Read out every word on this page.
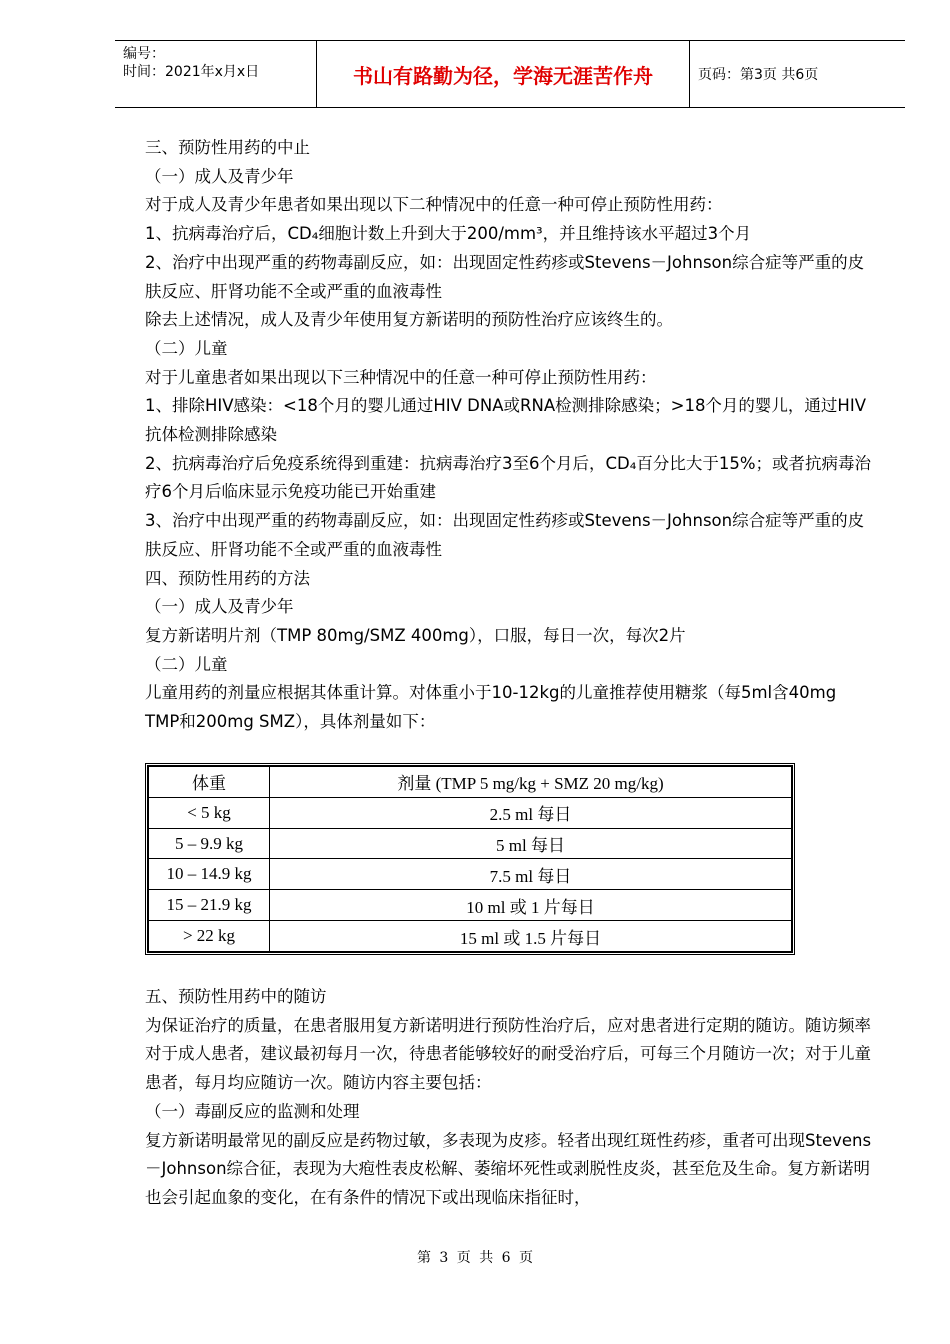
编号：
时间：2021年x月x日	书山有路勤为径，学海无涯苦作舟	页码：第3页 共6页

三、预防性用药的中止

（一）成人及青少年

对于成人及青少年患者如果出现以下二种情况中的任意一种可停止预防性用药：

1、抗病毒治疗后，CD₄细胞计数上升到大于200/mm³，并且维持该水平超过3个月

2、治疗中出现严重的药物毒副反应，如：出现固定性药疹或Stevens－Johnson综合症等严重的皮肤反应、肝肾功能不全或严重的血液毒性

除去上述情况，成人及青少年使用复方新诺明的预防性治疗应该终生的。

（二）儿童

对于儿童患者如果出现以下三种情况中的任意一种可停止预防性用药：

1、排除HIV感染：<18个月的婴儿通过HIV DNA或RNA检测排除感染；>18个月的婴儿，通过HIV抗体检测排除感染

2、抗病毒治疗后免疫系统得到重建：抗病毒治疗3至6个月后，CD₄百分比大于15%；或者抗病毒治疗6个月后临床显示免疫功能已开始重建

3、治疗中出现严重的药物毒副反应，如：出现固定性药疹或Stevens－Johnson综合症等严重的皮肤反应、肝肾功能不全或严重的血液毒性

四、预防性用药的方法

（一）成人及青少年

复方新诺明片剂（TMP 80mg/SMZ 400mg），口服，每日一次，每次2片

（二）儿童

儿童用药的剂量应根据其体重计算。对体重小于10-12kg的儿童推荐使用糖浆（每5ml含40mg TMP和200mg SMZ），具体剂量如下：

体重	剂量 (TMP 5 mg/kg + SMZ 20 mg/kg)
< 5 kg	2.5 ml 每日
5 – 9.9 kg	5 ml 每日
10 – 14.9 kg	7.5 ml 每日
15 – 21.9 kg	10 ml 或 1 片每日
> 22 kg	15 ml 或 1.5 片每日

五、预防性用药中的随访

为保证治疗的质量，在患者服用复方新诺明进行预防性治疗后，应对患者进行定期的随访。随访频率对于成人患者，建议最初每月一次，待患者能够较好的耐受治疗后，可每三个月随访一次；对于儿童患者，每月均应随访一次。随访内容主要包括：

（一）毒副反应的监测和处理

复方新诺明最常见的副反应是药物过敏，多表现为皮疹。轻者出现红斑性药疹，重者可出现Stevens－Johnson综合征，表现为大疱性表皮松解、萎缩坏死性或剥脱性皮炎，甚至危及生命。复方新诺明也会引起血象的变化，在有条件的情况下或出现临床指征时，

第 3 页 共 6 页
